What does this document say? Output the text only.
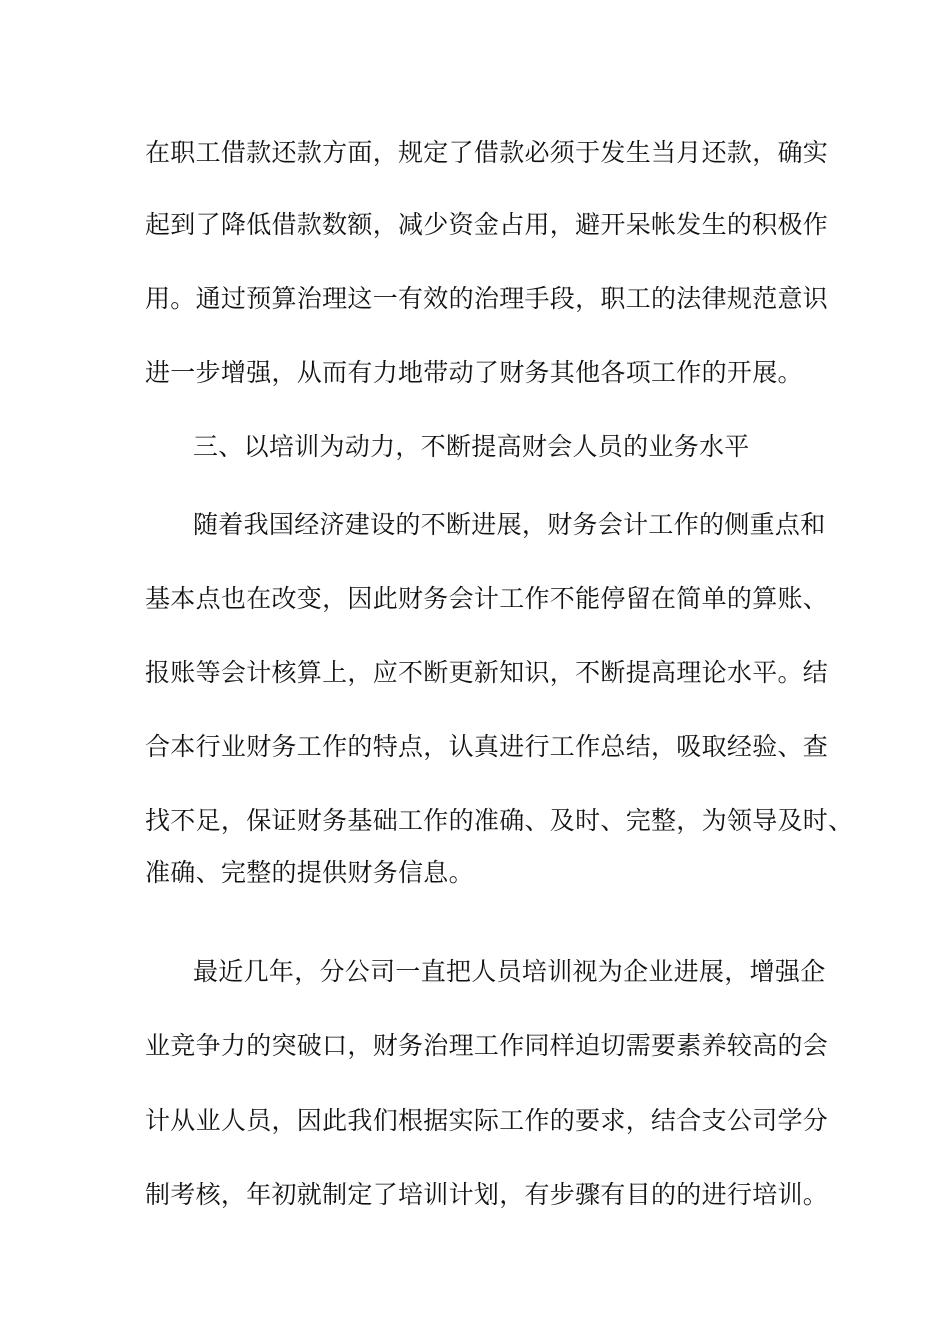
在职工借款还款方面，规定了借款必须于发生当月还款，确实
起到了降低借款数额，减少资金占用，避开呆帐发生的积极作
用。通过预算治理这一有效的治理手段，职工的法律规范意识
进一步增强，从而有力地带动了财务其他各项工作的开展。
三、以培训为动力，不断提高财会人员的业务水平
随着我国经济建设的不断进展，财务会计工作的侧重点和
基本点也在改变，因此财务会计工作不能停留在简单的算账、
报账等会计核算上，应不断更新知识，不断提高理论水平。结
合本行业财务工作的特点，认真进行工作总结，吸取经验、查
找不足，保证财务基础工作的准确、及时、完整，为领导及时、
准确、完整的提供财务信息。
最近几年，分公司一直把人员培训视为企业进展，增强企
业竞争力的突破口，财务治理工作同样迫切需要素养较高的会
计从业人员，因此我们根据实际工作的要求，结合支公司学分
制考核，年初就制定了培训计划，有步骤有目的的进行培训。
